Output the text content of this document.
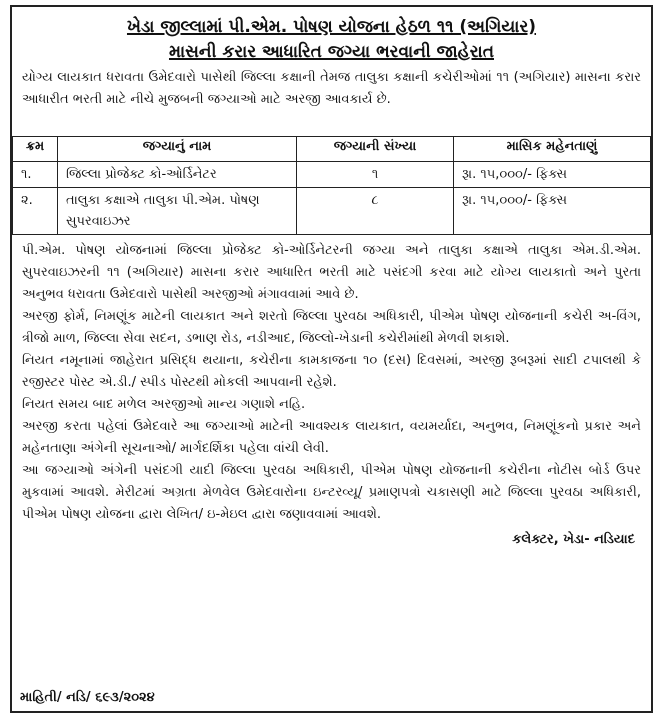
ખેડા જીલ્લામાં પી.એમ. પોષણ યોજના હેઠળ ૧૧ (અગિયાર)
માસની કરાર આધારિત જગ્યા ભરવાની જાહેરાત
યોગ્ય લાયકાત ધરાવતા ઉમેદવારો પાસેથી જિલ્લા કક્ષાની તેમજ તાલુકા કક્ષાની કચેરીઓમાં ૧૧ (અગિયાર) માસના કરાર આધારીત ભરતી માટે નીચે મુજબની જગ્યાઓ માટે અરજી આવકાર્ય છે.
ક્રમ	જગ્યાનું નામ	જગ્યાની સંખ્યા	માસિક મહેનતાણું
૧.	જિલ્લા પ્રોજેક્ટ કો-ઓર્ડિનેટર	૧	રૂા. ૧૫,૦૦૦/- ફિક્સ
૨.	તાલુકા કક્ષાએ તાલુકા પી.એમ. પોષણ સુપરવાઇઝર	૮	રૂા. ૧૫,૦૦૦/- ફિક્સ

પી.એમ. પોષણ યોજનામાં જિલ્લા પ્રોજેક્ટ કો-ઓર્ડિનેટરની જગ્યા અને તાલુકા કક્ષાએ તાલુકા એમ.ડી.એમ. સુપરવાઇઝરની ૧૧ (અગિયાર) માસના કરાર આધારિત ભરતી માટે પસંદગી કરવા માટે યોગ્ય લાયકાતો અને પુરતા અનુભવ ધરાવતા ઉમેદવારો પાસેથી અરજીઓ મંગાવવામાં આવે છે.

અરજી ફોર્મ, નિમણૂંક માટેની લાયકાત અને શરતો જિલ્લા પુરવઠા અધિકારી, પીએમ પોષણ યોજનાની કચેરી અ-વિંગ, ત્રીજો માળ, જિલ્લા સેવા સદન, ડભાણ રોડ, નડીઆદ, જિલ્લો-ખેડાની કચેરીમાંથી મેળવી શકાશે.

નિયત નમૂનામાં જાહેરાત પ્રસિદ્ધ થયાના, કચેરીના કામકાજના ૧૦ (દસ) દિવસમાં, અરજી રૂબરૂમાં સાદી ટપાલથી કે રજીસ્ટર પોસ્ટ એ.ડી./ સ્પીડ પોસ્ટથી મોકલી આપવાની રહેશે.

નિયત સમય બાદ મળેલ અરજીઓ માન્ય ગણાશે નહિ.

અરજી કરતા પહેલાં ઉમેદવારે આ જગ્યાઓ માટેની આવશ્યક લાયકાત, વયમર્યાદા, અનુભવ, નિમણૂંકનો પ્રકાર અને મહેનતાણા અંગેની સૂચનાઓ/ માર્ગદર્શિકા પહેલા વાંચી લેવી.

આ જગ્યાઓ અંગેની પસંદગી યાદી જિલ્લા પુરવઠા અધિકારી, પીએમ પોષણ યોજનાની કચેરીના નોટીસ બોર્ડ ઉપર મુકવામાં આવશે. મેરીટમાં અગ્રતા મેળવેલ ઉમેદવારોના ઇન્ટરવ્યૂ/ પ્રમાણપત્રો ચકાસણી માટે જિલ્લા પુરવઠા અધિકારી, પીએમ પોષણ યોજના દ્વારા લેખિત/ ઇ-મેઇલ દ્વારા જણાવવામાં આવશે.

કલેક્ટર, ખેડા- નડિયાદ
માહિતી/ નડિ/ ૬૯૩/૨૦૨૪
